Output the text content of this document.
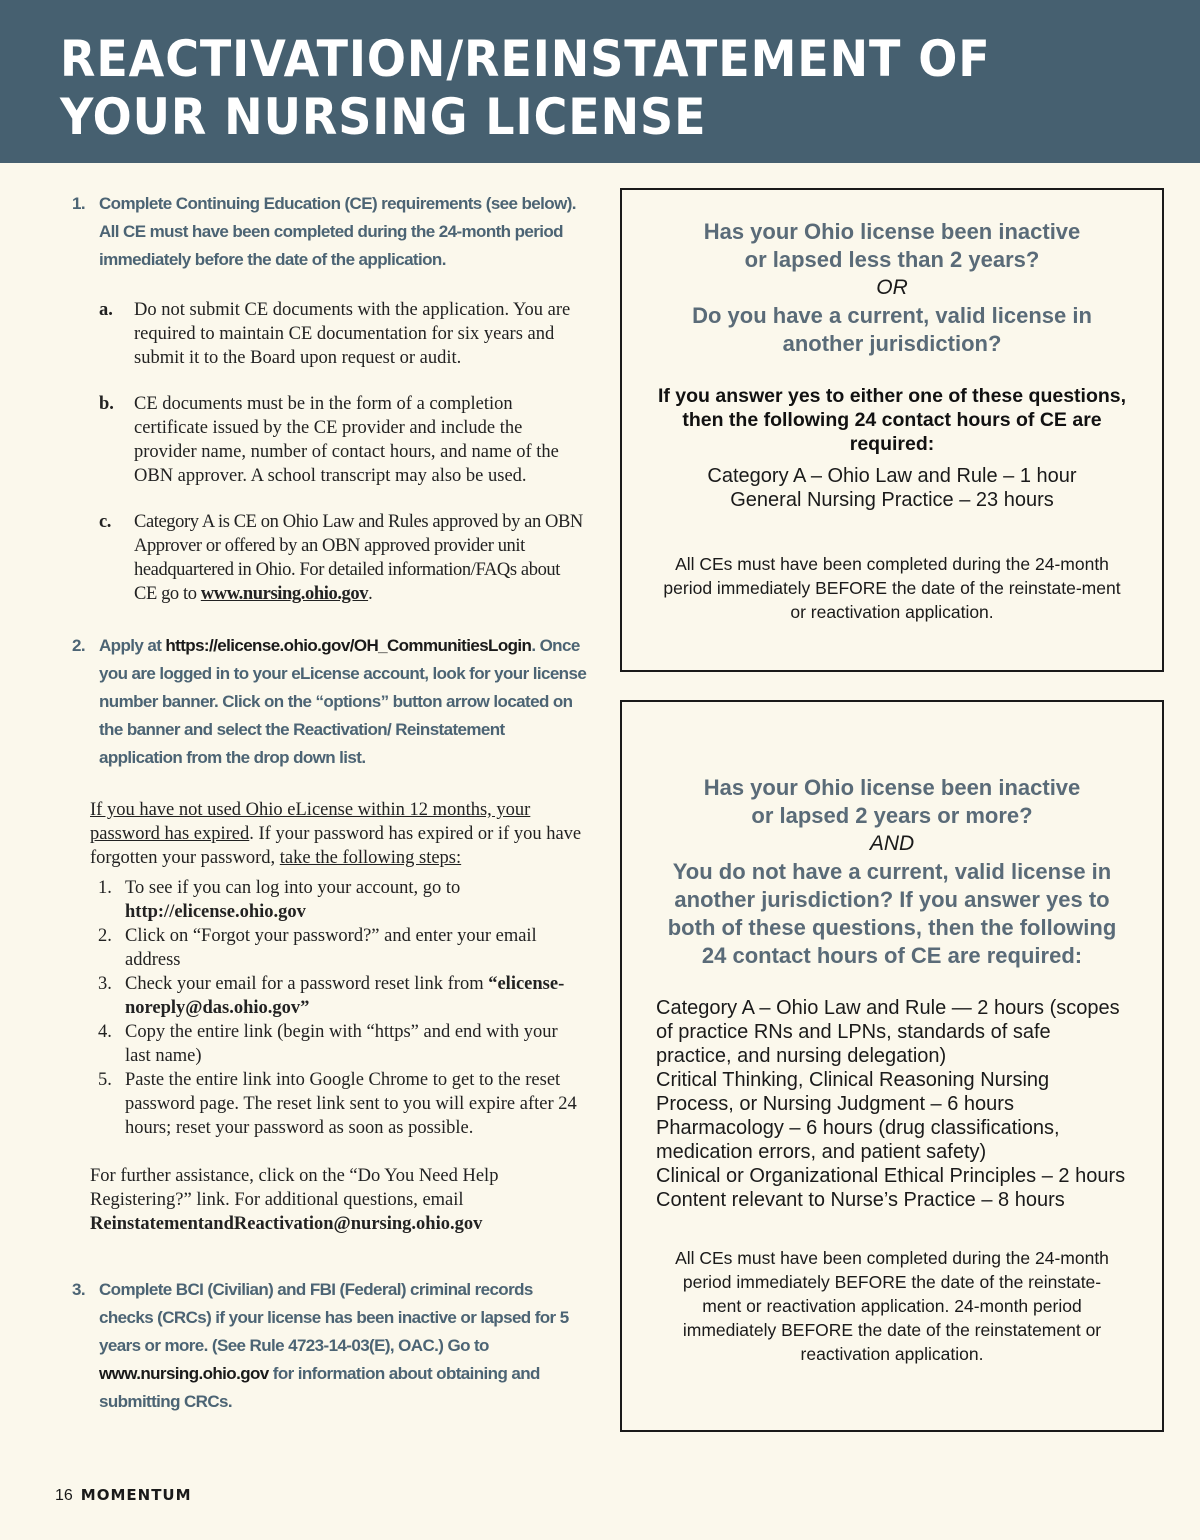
REACTIVATION/REINSTATEMENT OF
YOUR NURSING LICENSE
1. Complete Continuing Education (CE) requirements (see below). All CE must have been completed during the 24-month period immediately before the date of the application.
a. Do not submit CE documents with the application. You are required to maintain CE documentation for six years and submit it to the Board upon request or audit.
b. CE documents must be in the form of a completion certificate issued by the CE provider and include the provider name, number of contact hours, and name of the OBN approver. A school transcript may also be used.
c. Category A is CE on Ohio Law and Rules approved by an OBN Approver or offered by an OBN approved provider unit headquartered in Ohio. For detailed information/FAQs about CE go to www.nursing.ohio.gov.
2. Apply at https://elicense.ohio.gov/OH_CommunitiesLogin. Once you are logged in to your eLicense account, look for your license number banner. Click on the “options” button arrow located on the banner and select the Reactivation/ Reinstatement application from the drop down list.
If you have not used Ohio eLicense within 12 months, your password has expired. If your password has expired or if you have forgotten your password, take the following steps:
1. To see if you can log into your account, go to http://elicense.ohio.gov
2. Click on “Forgot your password?” and enter your email address
3. Check your email for a password reset link from “elicense-noreply@das.ohio.gov”
4. Copy the entire link (begin with “https” and end with your last name)
5. Paste the entire link into Google Chrome to get to the reset password page. The reset link sent to you will expire after 24 hours; reset your password as soon as possible.
For further assistance, click on the “Do You Need Help Registering?” link. For additional questions, email ReinstatementandReactivation@nursing.ohio.gov
3. Complete BCI (Civilian) and FBI (Federal) criminal records checks (CRCs) if your license has been inactive or lapsed for 5 years or more. (See Rule 4723-14-03(E), OAC.) Go to www.nursing.ohio.gov for information about obtaining and submitting CRCs.
Has your Ohio license been inactive or lapsed less than 2 years?
OR
Do you have a current, valid license in another jurisdiction?
If you answer yes to either one of these questions, then the following 24 contact hours of CE are required:
Category A – Ohio Law and Rule – 1 hour
General Nursing Practice – 23 hours
All CEs must have been completed during the 24-month period immediately BEFORE the date of the reinstate-ment or reactivation application.
Has your Ohio license been inactive or lapsed 2 years or more?
AND
You do not have a current, valid license in another jurisdiction? If you answer yes to both of these questions, then the following 24 contact hours of CE are required:
Category A – Ohio Law and Rule — 2 hours (scopes of practice RNs and LPNs, standards of safe practice, and nursing delegation)
Critical Thinking, Clinical Reasoning Nursing Process, or Nursing Judgment – 6 hours
Pharmacology – 6 hours (drug classifications, medication errors, and patient safety)
Clinical or Organizational Ethical Principles – 2 hours
Content relevant to Nurse’s Practice – 8 hours
All CEs must have been completed during the 24-month period immediately BEFORE the date of the reinstate-ment or reactivation application. 24-month period immediately BEFORE the date of the reinstatement or reactivation application.
16 MOMENTUM
